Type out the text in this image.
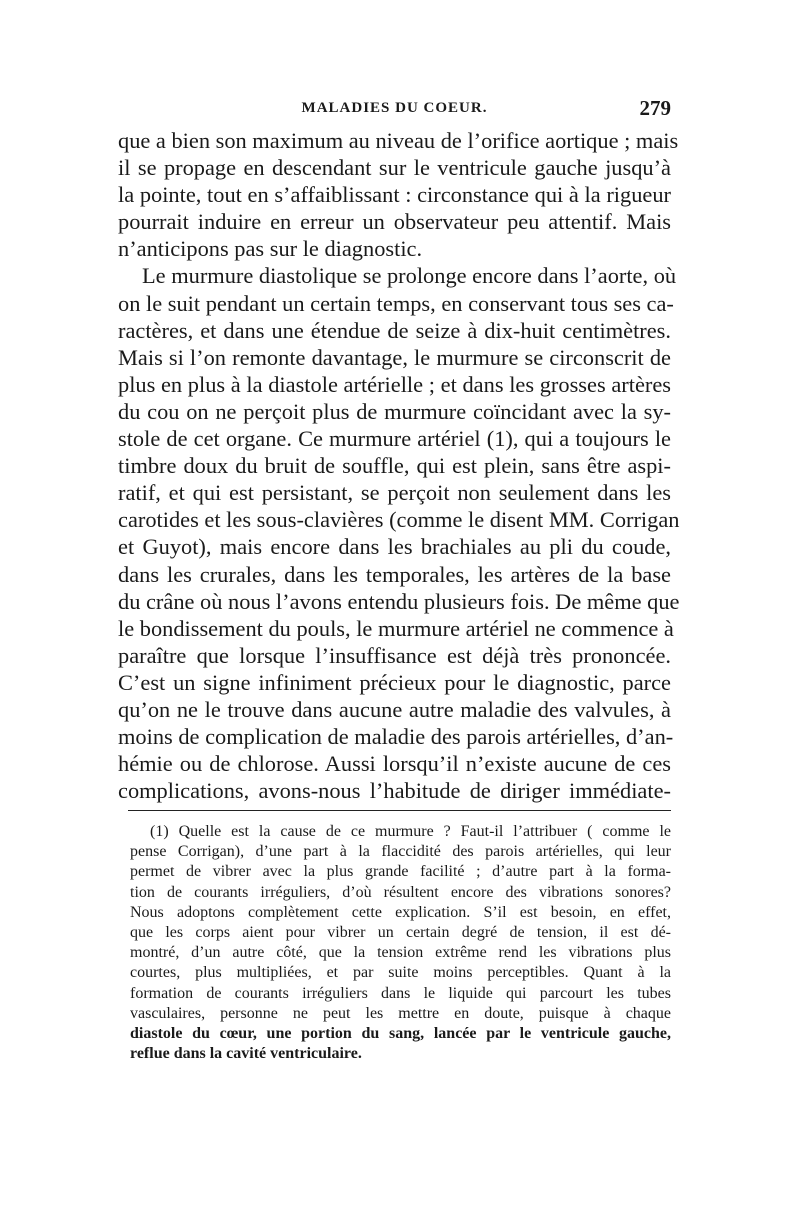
MALADIES DU COEUR.	279
que a bien son maximum au niveau de l’orifice aortique ; mais
il se propage en descendant sur le ventricule gauche jusqu’à
la pointe, tout en s’affaiblissant : circonstance qui à la rigueur
pourrait induire en erreur un observateur peu attentif. Mais
n’anticipons pas sur le diagnostic.
Le murmure diastolique se prolonge encore dans l’aorte, où
on le suit pendant un certain temps, en conservant tous ses ca-
ractères, et dans une étendue de seize à dix-huit centimètres.
Mais si l’on remonte davantage, le murmure se circonscrit de
plus en plus à la diastole artérielle ; et dans les grosses artères
du cou on ne perçoit plus de murmure coïncidant avec la sy-
stole de cet organe. Ce murmure artériel (1), qui a toujours le
timbre doux du bruit de souffle, qui est plein, sans être aspi-
ratif, et qui est persistant, se perçoit non seulement dans les
carotides et les sous-clavières (comme le disent MM. Corrigan
et Guyot), mais encore dans les brachiales au pli du coude,
dans les crurales, dans les temporales, les artères de la base
du crâne où nous l’avons entendu plusieurs fois. De même que
le bondissement du pouls, le murmure artériel ne commence à
paraître que lorsque l’insuffisance est déjà très prononcée.
C’est un signe infiniment précieux pour le diagnostic, parce
qu’on ne le trouve dans aucune autre maladie des valvules, à
moins de complication de maladie des parois artérielles, d’an-
hémie ou de chlorose. Aussi lorsqu’il n’existe aucune de ces
complications, avons-nous l’habitude de diriger immédiate-
(1) Quelle est la cause de ce murmure ? Faut-il l’attribuer ( comme le
pense Corrigan), d’une part à la flaccidité des parois artérielles, qui leur
permet de vibrer avec la plus grande facilité ; d’autre part à la forma-
tion de courants irréguliers, d’où résultent encore des vibrations sonores?
Nous adoptons complètement cette explication. S’il est besoin, en effet,
que les corps aient pour vibrer un certain degré de tension, il est dé-
montré, d’un autre côté, que la tension extrême rend les vibrations plus
courtes, plus multipliées, et par suite moins perceptibles. Quant à la
formation de courants irréguliers dans le liquide qui parcourt les tubes
vasculaires, personne ne peut les mettre en doute, puisque à chaque
diastole du cœur, une portion du sang, lancée par le ventricule gauche,
reflue dans la cavité ventriculaire.
